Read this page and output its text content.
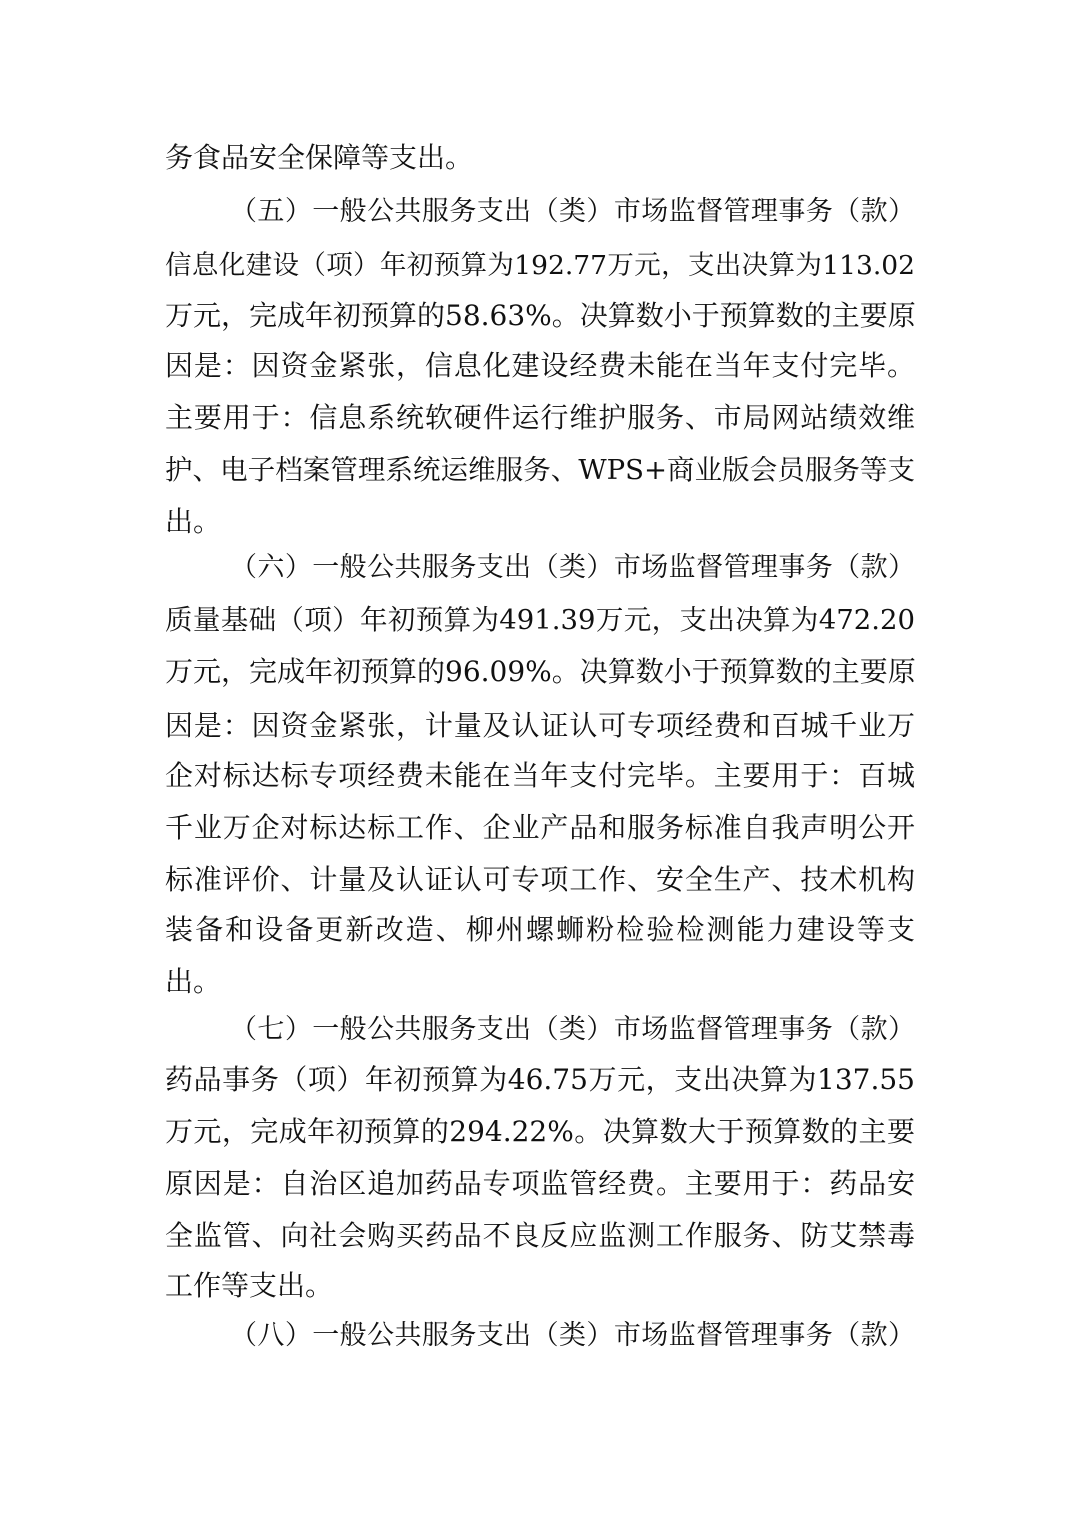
务食品安全保障等支出。
（五）一般公共服务支出（类）市场监督管理事务（款）
信息化建设（项）年初预算为192.77万元，支出决算为113.02
万元，完成年初预算的58.63%。决算数小于预算数的主要原
因是：因资金紧张，信息化建设经费未能在当年支付完毕。
主要用于：信息系统软硬件运行维护服务、市局网站绩效维
护、电子档案管理系统运维服务、WPS+商业版会员服务等支
出。
（六）一般公共服务支出（类）市场监督管理事务（款）
质量基础（项）年初预算为491.39万元，支出决算为472.20
万元，完成年初预算的96.09%。决算数小于预算数的主要原
因是：因资金紧张，计量及认证认可专项经费和百城千业万
企对标达标专项经费未能在当年支付完毕。主要用于：百城
千业万企对标达标工作、企业产品和服务标准自我声明公开
标准评价、计量及认证认可专项工作、安全生产、技术机构
装备和设备更新改造、柳州螺蛳粉检验检测能力建设等支
出。
（七）一般公共服务支出（类）市场监督管理事务（款）
药品事务（项）年初预算为46.75万元，支出决算为137.55
万元，完成年初预算的294.22%。决算数大于预算数的主要
原因是：自治区追加药品专项监管经费。主要用于：药品安
全监管、向社会购买药品不良反应监测工作服务、防艾禁毒
工作等支出。
（八）一般公共服务支出（类）市场监督管理事务（款）
